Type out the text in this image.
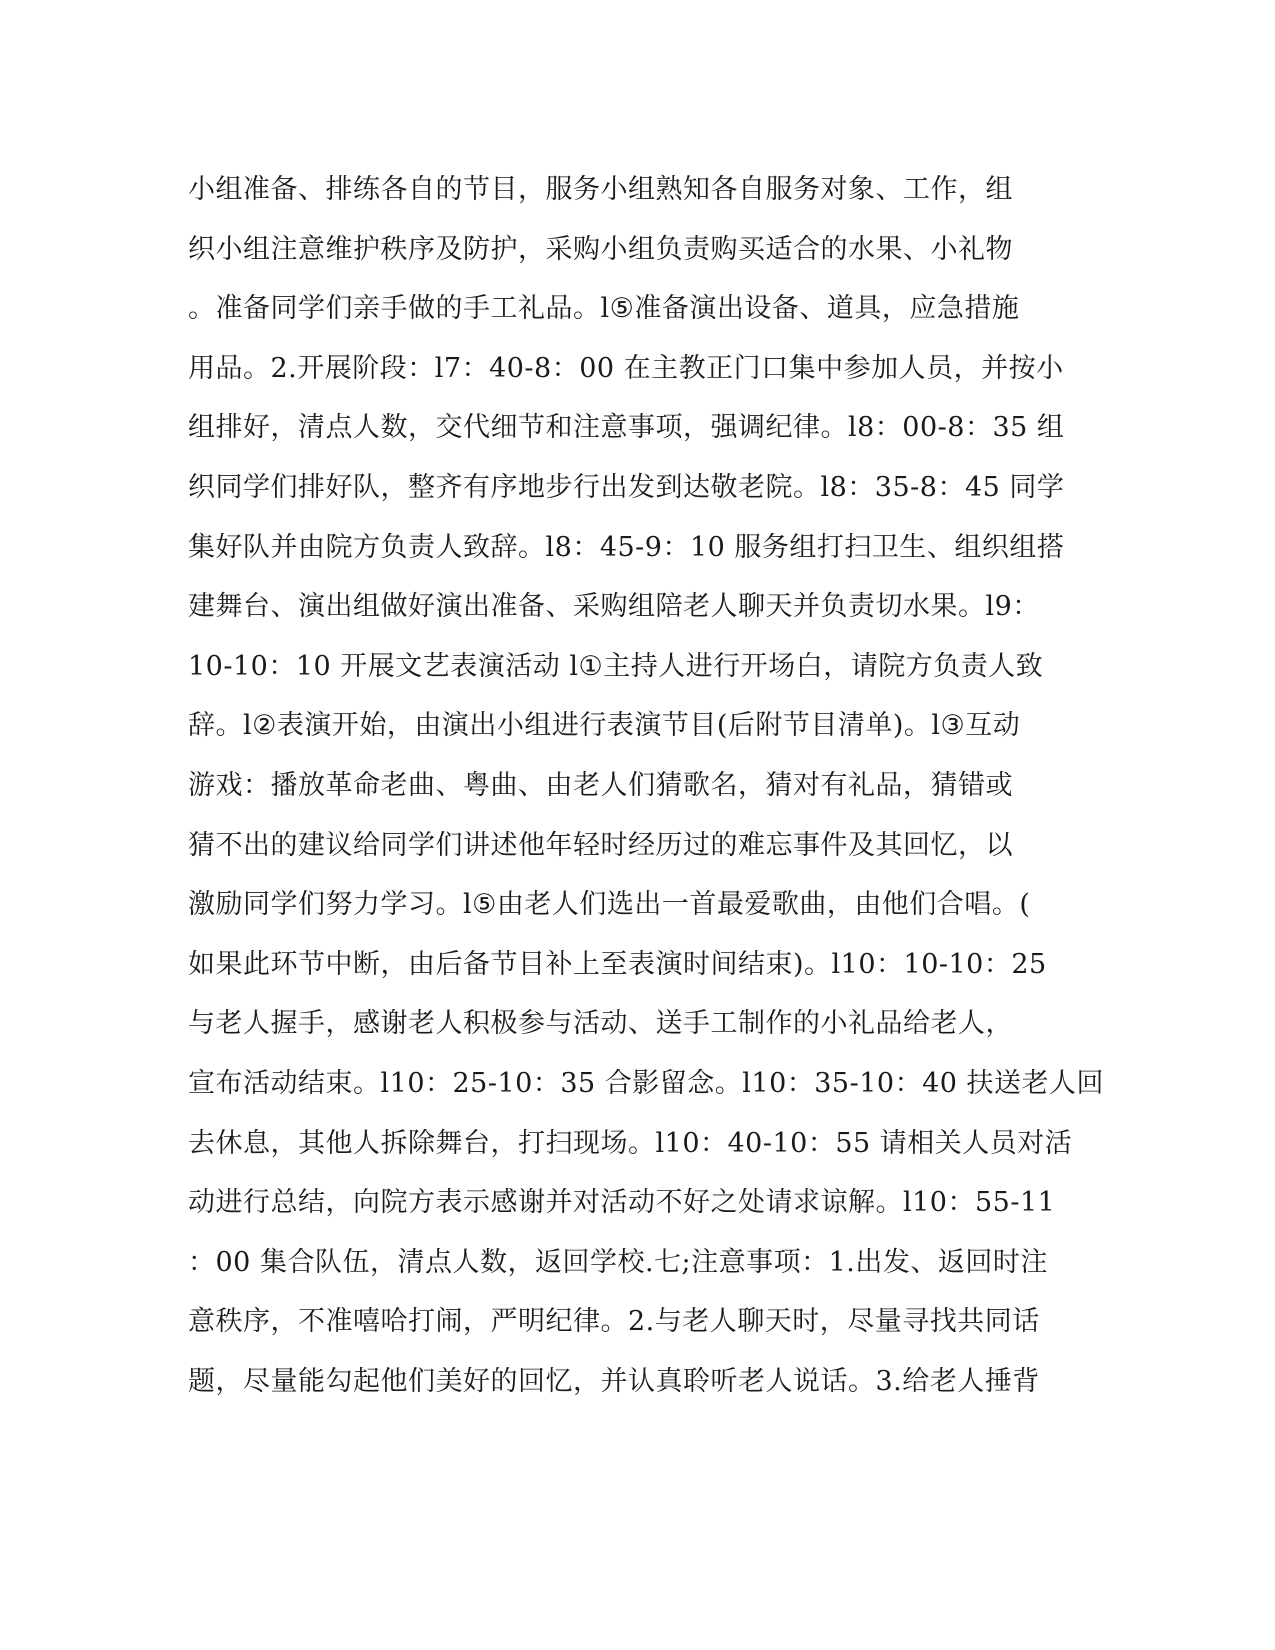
小组准备、排练各自的节目，服务小组熟知各自服务对象、工作，组
织小组注意维护秩序及防护，采购小组负责购买适合的水果、小礼物
。准备同学们亲手做的手工礼品。l⑤准备演出设备、道具，应急措施
用品。2.开展阶段：l7：40-8：00 在主教正门口集中参加人员，并按小
组排好，清点人数，交代细节和注意事项，强调纪律。l8：00-8：35 组
织同学们排好队，整齐有序地步行出发到达敬老院。l8：35-8：45 同学
集好队并由院方负责人致辞。l8：45-9：10 服务组打扫卫生、组织组搭
建舞台、演出组做好演出准备、采购组陪老人聊天并负责切水果。l9：
10-10：10 开展文艺表演活动 l①主持人进行开场白，请院方负责人致
辞。l②表演开始，由演出小组进行表演节目(后附节目清单)。l③互动
游戏：播放革命老曲、粤曲、由老人们猜歌名，猜对有礼品，猜错或
猜不出的建议给同学们讲述他年轻时经历过的难忘事件及其回忆，以
激励同学们努力学习。l⑤由老人们选出一首最爱歌曲，由他们合唱。(
如果此环节中断，由后备节目补上至表演时间结束)。l10：10-10：25
与老人握手，感谢老人积极参与活动、送手工制作的小礼品给老人，
宣布活动结束。l10：25-10：35 合影留念。l10：35-10：40 扶送老人回
去休息，其他人拆除舞台，打扫现场。l10：40-10：55 请相关人员对活
动进行总结，向院方表示感谢并对活动不好之处请求谅解。l10：55-11
：00 集合队伍，清点人数，返回学校.七;注意事项：1.出发、返回时注
意秩序，不准嘻哈打闹，严明纪律。2.与老人聊天时，尽量寻找共同话
题，尽量能勾起他们美好的回忆，并认真聆听老人说话。3.给老人捶背
